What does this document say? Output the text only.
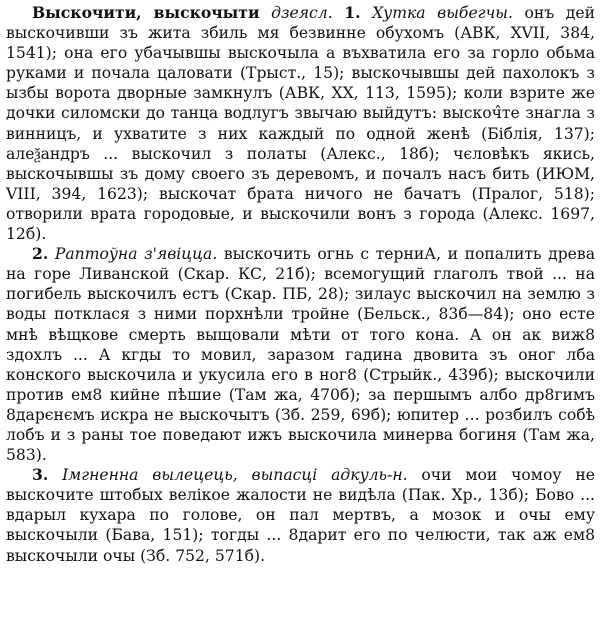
Выскочити, выскочыти дзеясл. 1. Хутка выбегчы. онъ дей выскочивши зъ жита збиль мя безвинне обухомъ (АВК, XVII, 384, 1541); она его убачывшы выскочыла а въхватила его за горло обьма руками и почала цаловати (Трыст., 15); выскочывшы дей пахолокъ з ызбы ворота дворные замкнулъ (АВК, XX, 113, 1595); коли взрите же дочки силомски до танца водлугъ звычаю выйдутъ: выскоч̂те знагла з винницъ, и ухватите з них каждый по одной женѣ (Біблія, 137); алеѯандръ ... выскочил з полаты (Алекс., 18б); чєловѣкъ якись, выскочывшы зъ дому своего зъ деревомъ, и почалъ насъ бить (ИЮМ, VIII, 394, 1623); выскочат брата ничого не бачатъ (Пралог, 518); отворили врата городовые, и выскочили вонъ з города (Алекс. 1697, 12б).

2. Раптоўна з'явіцца. выскочить огнь с терниА, и попалить древа на горе Ливанской (Скар. КС, 21б); всемогущий глаголъ твой ... на погибель выскочилъ естъ (Скар. ПБ, 28); зилаус выскочил на землю з воды потклася з ними порхнѣли тройне (Бельск., 83б—84); оно есте мнѣ вѣщкове смерть выщовали мѣти от того кона. А он ак виж8 здохлъ ... А кгды то мовил, заразом гадина двовита зъ оног лба конского выскочила и укусила его в ног8 (Стрыйк., 439б); выскочили против ем8 кийне пѣшие (Там жа, 470б); за першымъ албо др8гимъ 8дарєнємъ искра не выскочытъ (Зб. 259, 69б); юпитер ... розбилъ собѣ лобъ и з раны тое поведают ижъ выскочила минерва богиня (Там жа, 583).

3. Імгненна вылецець, выпасці адкуль-н. очи мои чомоу не выскочите штобых велікое жалости не видѣла (Пак. Хр., 13б); Бово ... вдарыл кухара по голове, он пал мертвъ, а мозок и очы ему выскочыли (Бава, 151); тогды ... 8дарит его по челюсти, так аж ем8 выскочыли очы (Зб. 752, 571б).
